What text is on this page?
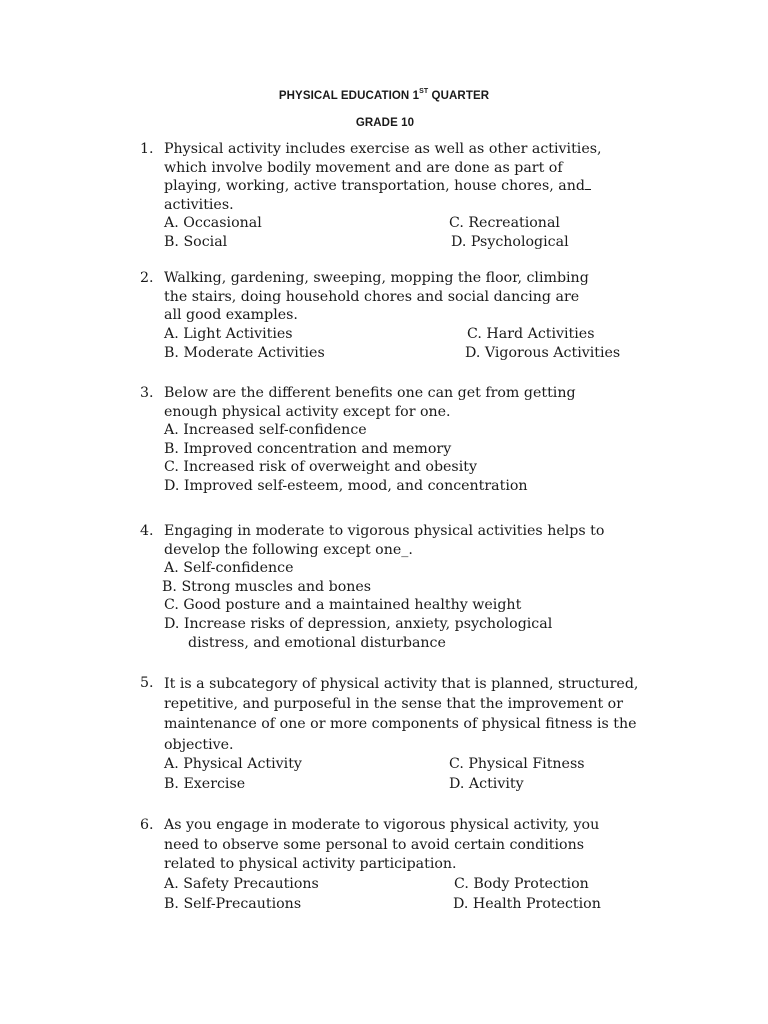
PHYSICAL EDUCATION 1ST QUARTER
GRADE 10
1. Physical activity includes exercise as well as other activities,
which involve bodily movement and are done as part of
playing, working, active transportation, house chores, and
activities.
A. Occasional
B. Social
C. Recreational
D. Psychological
2. Walking, gardening, sweeping, mopping the floor, climbing
the stairs, doing household chores and social dancing are
all good examples.
A. Light Activities
B. Moderate Activities
C. Hard Activities
D. Vigorous Activities
3. Below are the different benefits one can get from getting
enough physical activity except for one.
A. Increased self-confidence
B. Improved concentration and memory
C. Increased risk of overweight and obesity
D. Improved self-esteem, mood, and concentration
4. Engaging in moderate to vigorous physical activities helps to
develop the following except one_.
A. Self-confidence
B. Strong muscles and bones
C. Good posture and a maintained healthy weight
D. Increase risks of depression, anxiety, psychological
distress, and emotional disturbance
5. It is a subcategory of physical activity that is planned, structured,
repetitive, and purposeful in the sense that the improvement or
maintenance of one or more components of physical fitness is the
objective.
A. Physical Activity
B. Exercise
C. Physical Fitness
D. Activity
6. As you engage in moderate to vigorous physical activity, you
need to observe some personal to avoid certain conditions
related to physical activity participation.
A. Safety Precautions
B. Self-Precautions
C. Body Protection
D. Health Protection
